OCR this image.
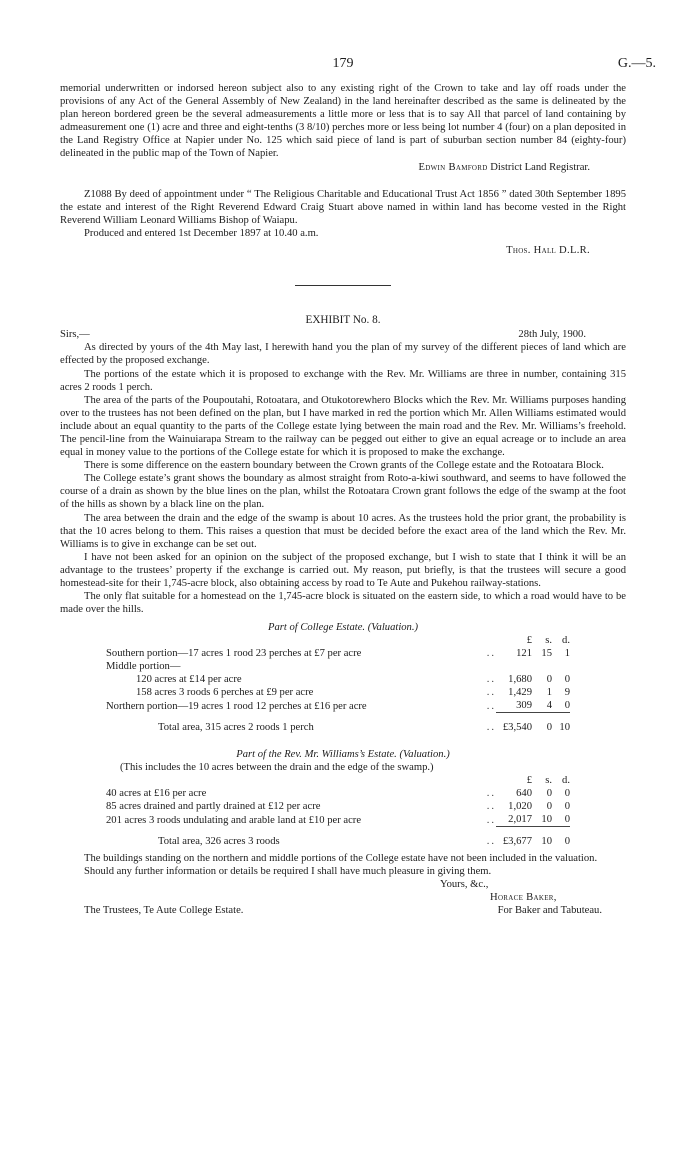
179	G.—5.

memorial underwritten or indorsed hereon subject also to any existing right of the Crown to take and lay off roads under the provisions of any Act of the General Assembly of New Zealand) in the land hereinafter described as the same is delineated by the plan hereon bordered green be the several admeasurements a little more or less that is to say All that parcel of land containing by admeasurement one (1) acre and three and eight-tenths (3 8/10) perches more or less being lot number 4 (four) on a plan deposited in the Land Registry Office at Napier under No. 125 which said piece of land is part of suburban section number 84 (eighty-four) delineated in the public map of the Town of Napier.

Edwin Bamford District Land Registrar.

Z1088 By deed of appointment under “ The Religious Charitable and Educational Trust Act 1856 ” dated 30th September 1895 the estate and interest of the Right Reverend Edward Craig Stuart above named in within land has become vested in the Right Reverend William Leonard Williams Bishop of Waiapu.

Produced and entered 1st December 1897 at 10.40 a.m.

Thos. Hall D.L.R.

EXHIBIT No. 8.
Sirs,—	28th July, 1900.

As directed by yours of the 4th May last, I herewith hand you the plan of my survey of the different pieces of land which are effected by the proposed exchange.

The portions of the estate which it is proposed to exchange with the Rev. Mr. Williams are three in number, containing 315 acres 2 roods 1 perch.

The area of the parts of the Poupoutahi, Rotoatara, and Otukotorewhero Blocks which the Rev. Mr. Williams purposes handing over to the trustees has not been defined on the plan, but I have marked in red the portion which Mr. Allen Williams estimated would include about an equal quantity to the parts of the College estate lying between the main road and the Rev. Mr. Williams’s freehold. The pencil-line from the Wainuiarapa Stream to the railway can be pegged out either to give an equal acreage or to include an area equal in money value to the portions of the College estate for which it is proposed to make the exchange.

There is some difference on the eastern boundary between the Crown grants of the College estate and the Rotoatara Block.

The College estate’s grant shows the boundary as almost straight from Roto-a-kiwi southward, and seems to have followed the course of a drain as shown by the blue lines on the plan, whilst the Rotoatara Crown grant follows the edge of the swamp at the foot of the hills as shown by a black line on the plan.

The area between the drain and the edge of the swamp is about 10 acres. As the trustees hold the prior grant, the probability is that the 10 acres belong to them. This raises a question that must be decided before the exact area of the land which the Rev. Mr. Williams is to give in exchange can be set out.

I have not been asked for an opinion on the subject of the proposed exchange, but I wish to state that I think it will be an advantage to the trustees’ property if the exchange is carried out. My reason, put briefly, is that the trustees will secure a good homestead-site for their 1,745-acre block, also obtaining access by road to Te Aute and Pukehou railway-stations.

The only flat suitable for a homestead on the 1,745-acre block is situated on the eastern side, to which a road would have to be made over the hills.

Part of College Estate. (Valuation.)
		£	s.	d.
Southern portion—17 acres 1 rood 23 perches at £7 per acre	..	121	15	1
Middle portion—				
120 acres at £14 per acre	..	1,680	0	0
158 acres 3 roods 6 perches at £9 per acre	..	1,429	1	9
Northern portion—19 acres 1 rood 12 perches at £16 per acre	..	309	4	0

Total area, 315 acres 2 roods 1 perch	..	£3,540	0	10
Part of the Rev. Mr. Williams’s Estate. (Valuation.)
(This includes the 10 acres between the drain and the edge of the swamp.)
		£	s.	d.
40 acres at £16 per acre	..	640	0	0
85 acres drained and partly drained at £12 per acre	..	1,020	0	0
201 acres 3 roods undulating and arable land at £10 per acre	..	2,017	10	0

Total area, 326 acres 3 roods	..	£3,677	10	0

The buildings standing on the northern and middle portions of the College estate have not been included in the valuation.

Should any further information or details be required I shall have much pleasure in giving them.

Yours, &c.,
Horace Baker,
The Trustees, Te Aute College Estate.	For Baker and Tabuteau.
